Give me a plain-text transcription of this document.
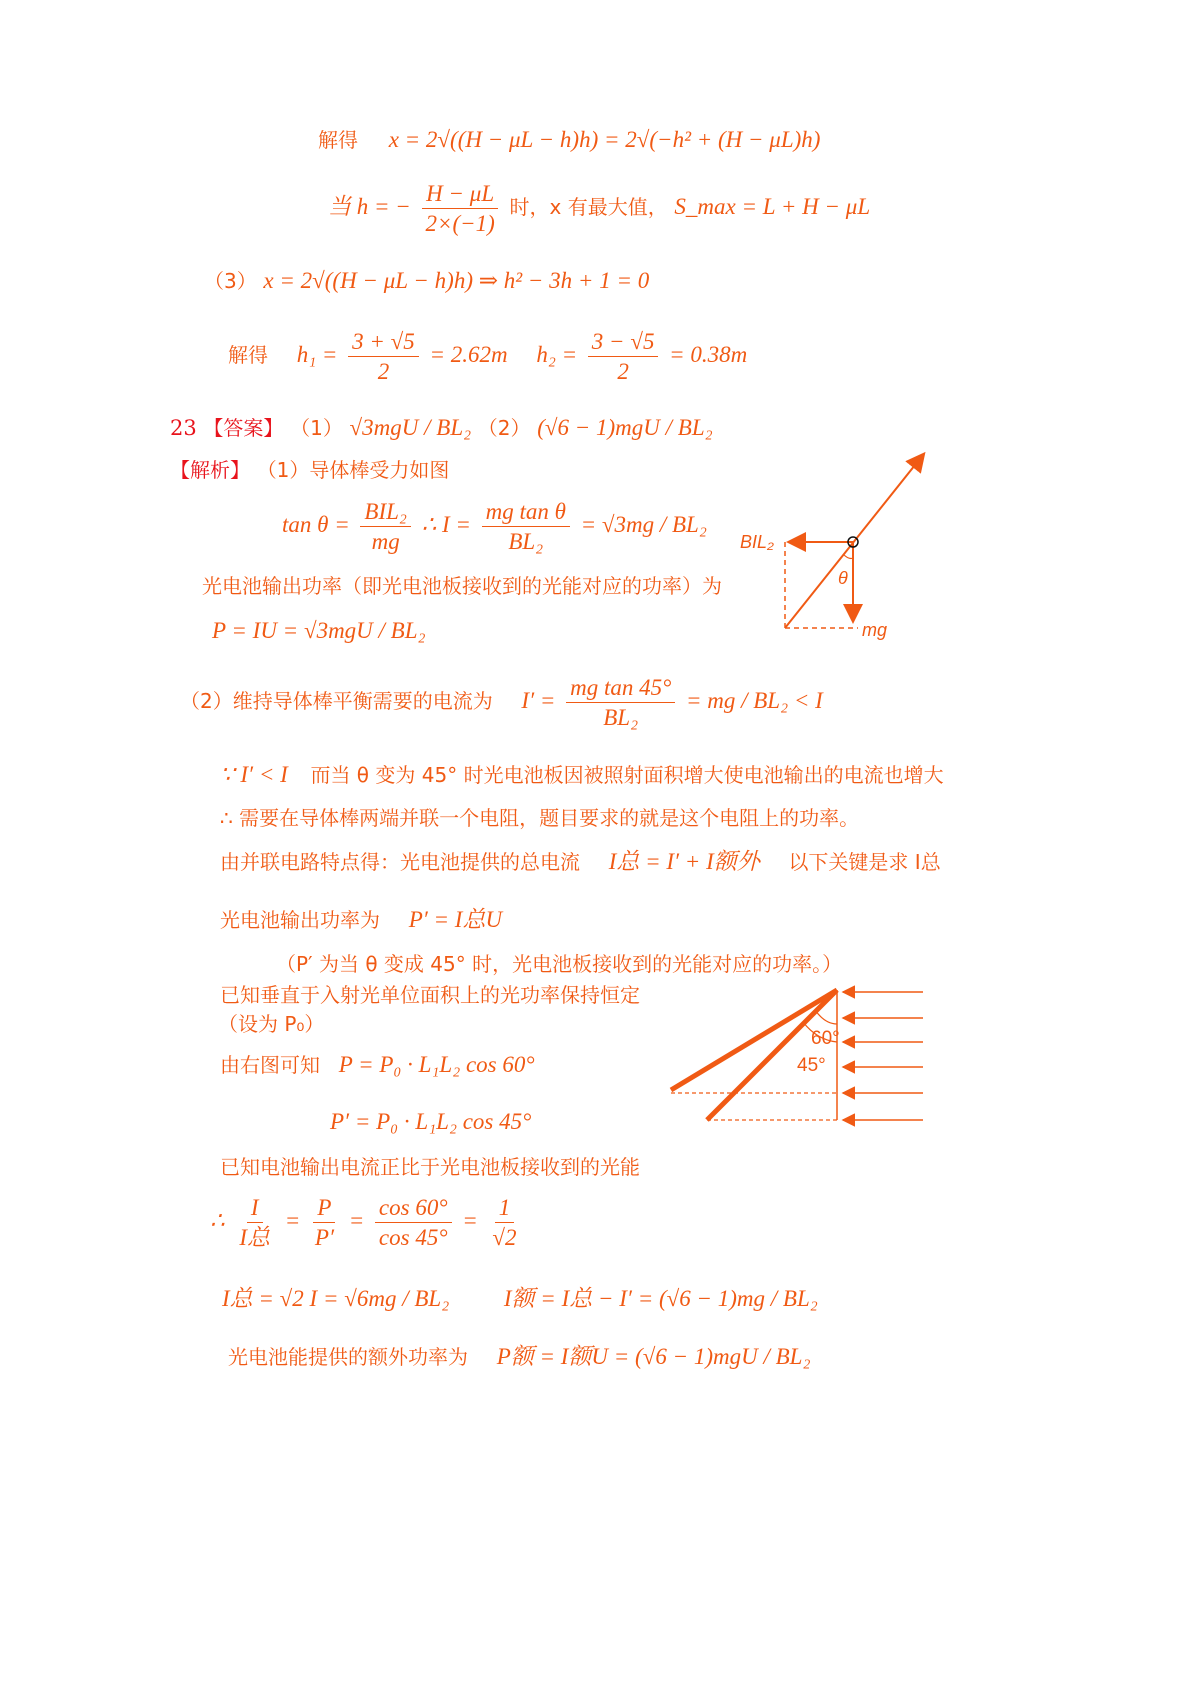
解得 x = 2√((H − μL − h)h) = 2√(−h² + (H − μL)h)
当 h = − $\frac{H - \mu L}{2\times(-1)}$ 时，x 有最大值， S_max = L + H − μL
（3） x = 2√((H − μL − h)h) ⇒ h² − 3h + 1 = 0
解得 $h_1 = \frac{3 + √5}{2} = 2.62m$ $h_2 = \frac{3 - √5}{2} = 0.38m$
23 【答案】 （1） √3mgU / BL₂ （2） (√6 − 1)mgU / BL₂
【解析】 （1）导体棒受力如图
$\tan \theta = \frac{\text{BIL₂}}{mg}$ ∴ $I = \frac{\text{mg tan θ}}{\text{BL₂}} = √3mg / BL_2$
光电池输出功率（即光电池板接收到的光能对应的功率）为
P = IU = √3mgU / BL₂
BIL₂
θ
mg
（2）维持导体棒平衡需要的电流为 $I' = \frac{\text{mg tan 45°}}{\text{BL₂}}$ = mg / BL₂ < I
∵ I′ < I 而当 θ 变为 45° 时光电池板因被照射面积增大使电池输出的电流也增大
∴ 需要在导体棒两端并联一个电阻，题目要求的就是这个电阻上的功率。
由并联电路特点得：光电池提供的总电流 I总 = I′ + I额外 以下关键是求 I总
光电池输出功率为 P′ = I总U
（P′ 为当 θ 变成 45° 时，光电池板接收到的光能对应的功率。）
已知垂直于入射光单位面积上的光功率保持恒定
（设为 P₀）
由右图可知 P = P₀ · L₁L₂ cos 60°
P′ = P₀ · L₁L₂ cos 45°
60°
45°
已知电池输出电流正比于光电池板接收到的光能
∴ $\frac{I}{\text{I总}} = \frac{P}{P'} = \frac{\cos 60^\circ}{\cos 45^\circ} = \frac{1}{√2}$
I总 = √2 I = √6mg / BL₂ I额 = I总 − I′ = (√6 − 1)mg / BL₂
光电池能提供的额外功率为 P额 = I额U = (√6 − 1)mgU / BL₂
